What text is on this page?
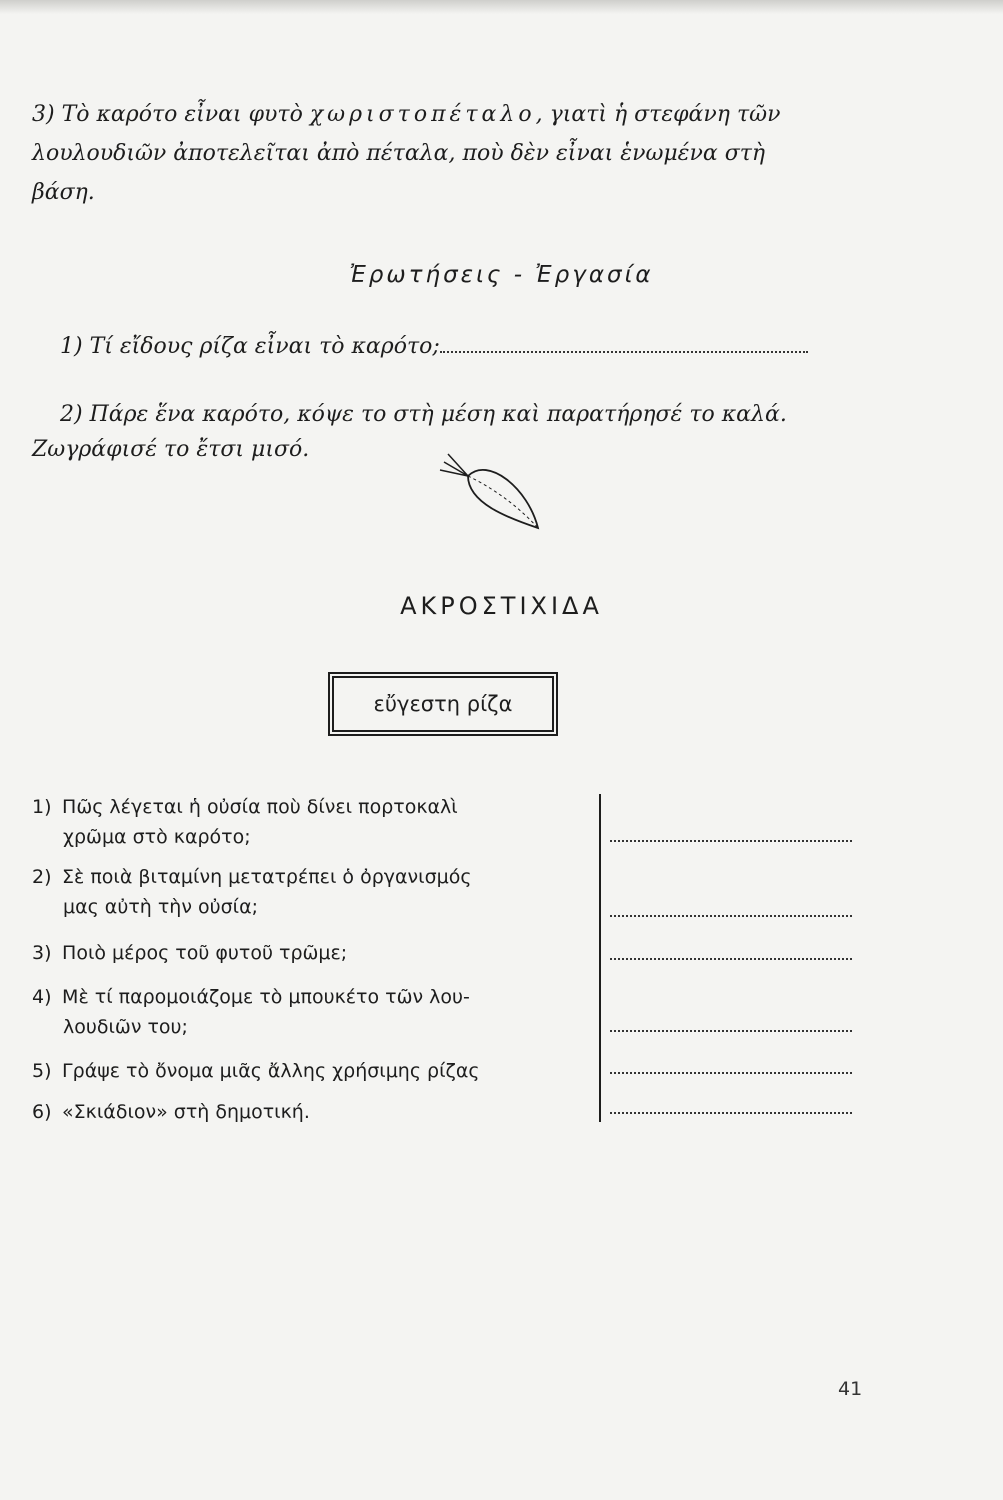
3) Τὸ καρότο εἶναι φυτὸ χωριστοπέταλο, γιατὶ ἡ στεφάνη τῶν
λουλουδιῶν ἀποτελεῖται ἀπὸ πέταλα, ποὺ δὲν εἶναι ἑνωμένα στὴ
βάση.
Ἐρωτήσεις - Ἐργασία
1) Τί εἴδους ρίζα εἶναι τὸ καρότο;
2) Πάρε ἕνα καρότο, κόψε το στὴ μέση καὶ παρατήρησέ το καλά.
Ζωγράφισέ το ἔτσι μισό.
ΑΚΡΟΣΤΙΧΙΔΑ
εὔγεστη ρίζα
1) Πῶς λέγεται ἡ οὐσία ποὺ δίνει πορτοκαλὶ
χρῶμα στὸ καρότο;
2) Σὲ ποιὰ βιταμίνη μετατρέπει ὁ ὀργανισμός
μας αὐτὴ τὴν οὐσία;
3) Ποιὸ μέρος τοῦ φυτοῦ τρῶμε;
4) Μὲ τί παρομοιάζομε τὸ μπουκέτο τῶν λου-
λουδιῶν του;
5) Γράψε τὸ ὄνομα μιᾶς ἄλλης χρήσιμης ρίζας
6) «Σκιάδιον» στὴ δημοτική.
41
